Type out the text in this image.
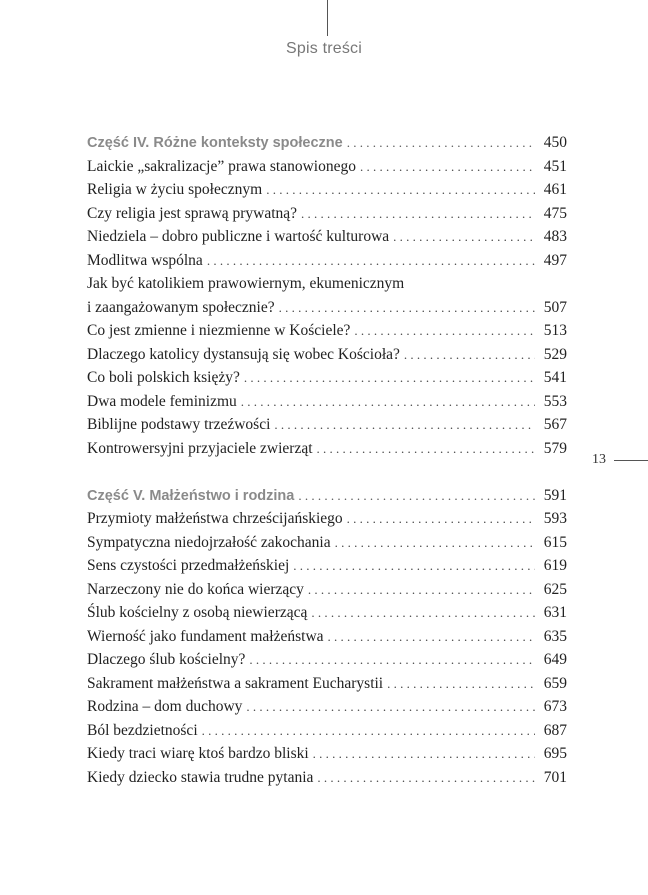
Spis treści
Część IV. Różne konteksty społeczne . . .	450
Laickie „sakralizacje” prawa stanowionego . . .	451
Religia w życiu społecznym . . .	461
Czy religia jest sprawą prywatną? . . .	475
Niedziela – dobro publiczne i wartość kulturowa . . .	483
Modlitwa wspólna . . .	497
Jak być katolikiem prawowiernym, ekumenicznym
i zaangażowanym społecznie? . . .	507
Co jest zmienne i niezmienne w Kościele? . . .	513
Dlaczego katolicy dystansują się wobec Kościoła? . . .	529
Co boli polskich księży? . . .	541
Dwa modele feminizmu . . .	553
Biblijne podstawy trzeźwości . . .	567
Kontrowersyjni przyjaciele zwierząt . . .	579
Część V. Małżeństwo i rodzina . . .	591
Przymioty małżeństwa chrześcijańskiego . . .	593
Sympatyczna niedojrzałość zakochania . . .	615
Sens czystości przedmałżeńskiej . . .	619
Narzeczony nie do końca wierzący . . .	625
Ślub kościelny z osobą niewierzącą . . .	631
Wierność jako fundament małżeństwa . . .	635
Dlaczego ślub kościelny? . . .	649
Sakrament małżeństwa a sakrament Eucharystii . . .	659
Rodzina – dom duchowy . . .	673
Ból bezdzietności . . .	687
Kiedy traci wiarę ktoś bardzo bliski . . .	695
Kiedy dziecko stawia trudne pytania . . .	701
13
